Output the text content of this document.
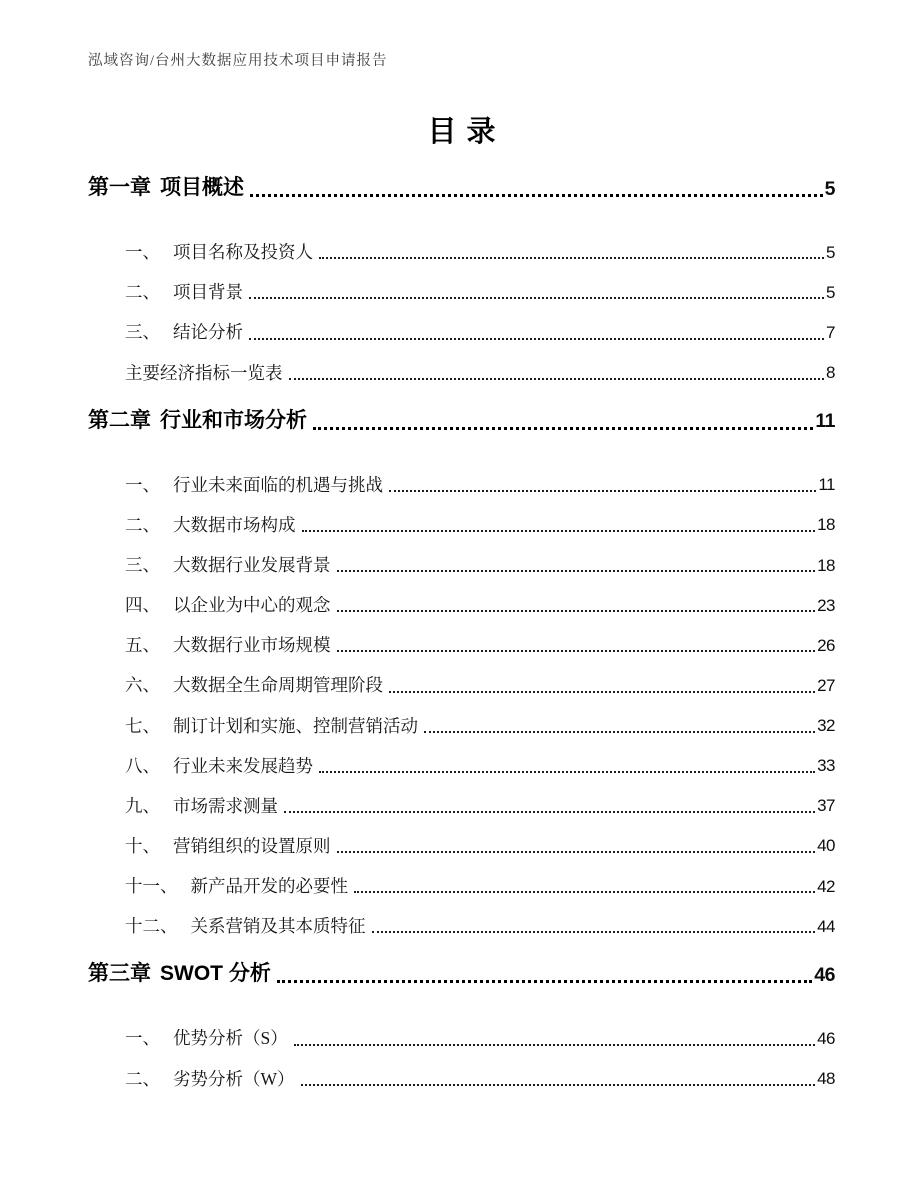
泓域咨询/台州大数据应用技术项目申请报告
目录
第一章 项目概述	5
一、 项目名称及投资人	5
二、 项目背景	5
三、 结论分析	7
主要经济指标一览表	8
第二章 行业和市场分析	11
一、 行业未来面临的机遇与挑战	11
二、 大数据市场构成	18
三、 大数据行业发展背景	18
四、 以企业为中心的观念	23
五、 大数据行业市场规模	26
六、 大数据全生命周期管理阶段	27
七、 制订计划和实施、控制营销活动	32
八、 行业未来发展趋势	33
九、 市场需求测量	37
十、 营销组织的设置原则	40
十一、 新产品开发的必要性	42
十二、 关系营销及其本质特征	44
第三章 SWOT 分析	46
一、 优势分析（S）	46
二、 劣势分析（W）	48
